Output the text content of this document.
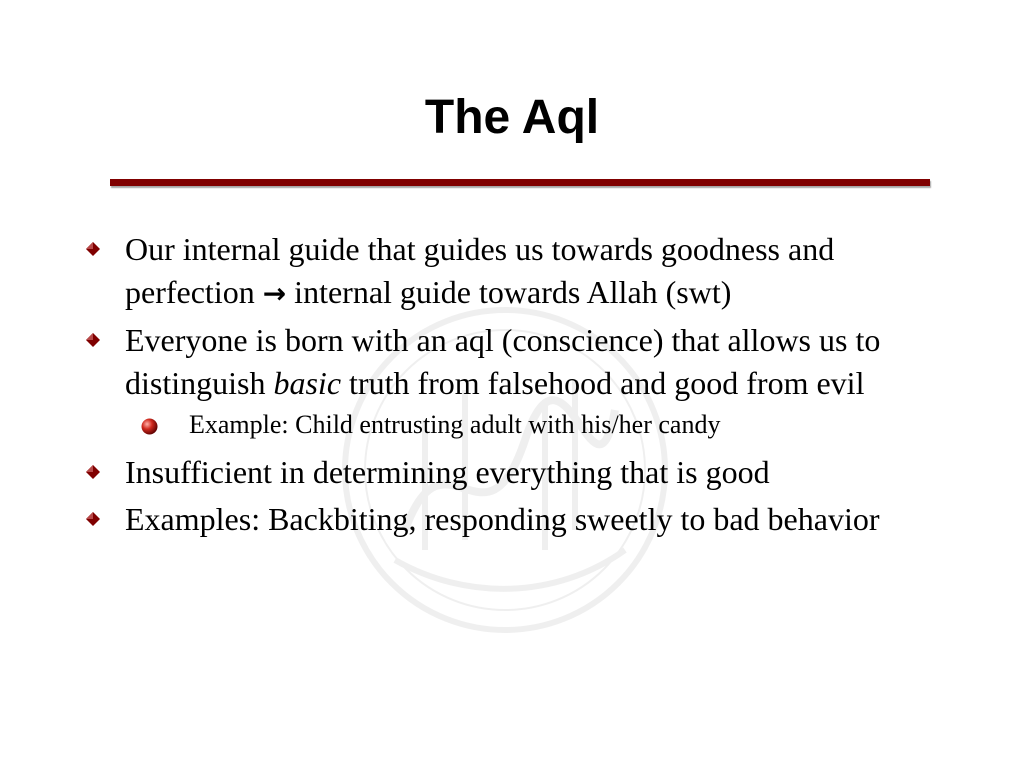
The Aql
Our internal guide that guides us towards goodness and perfection → internal guide towards Allah (swt)
Everyone is born with an aql (conscience) that allows us to distinguish basic truth from falsehood and good from evil
Example: Child entrusting adult with his/her candy
Insufficient in determining everything that is good
Examples: Backbiting, responding sweetly to bad behavior
